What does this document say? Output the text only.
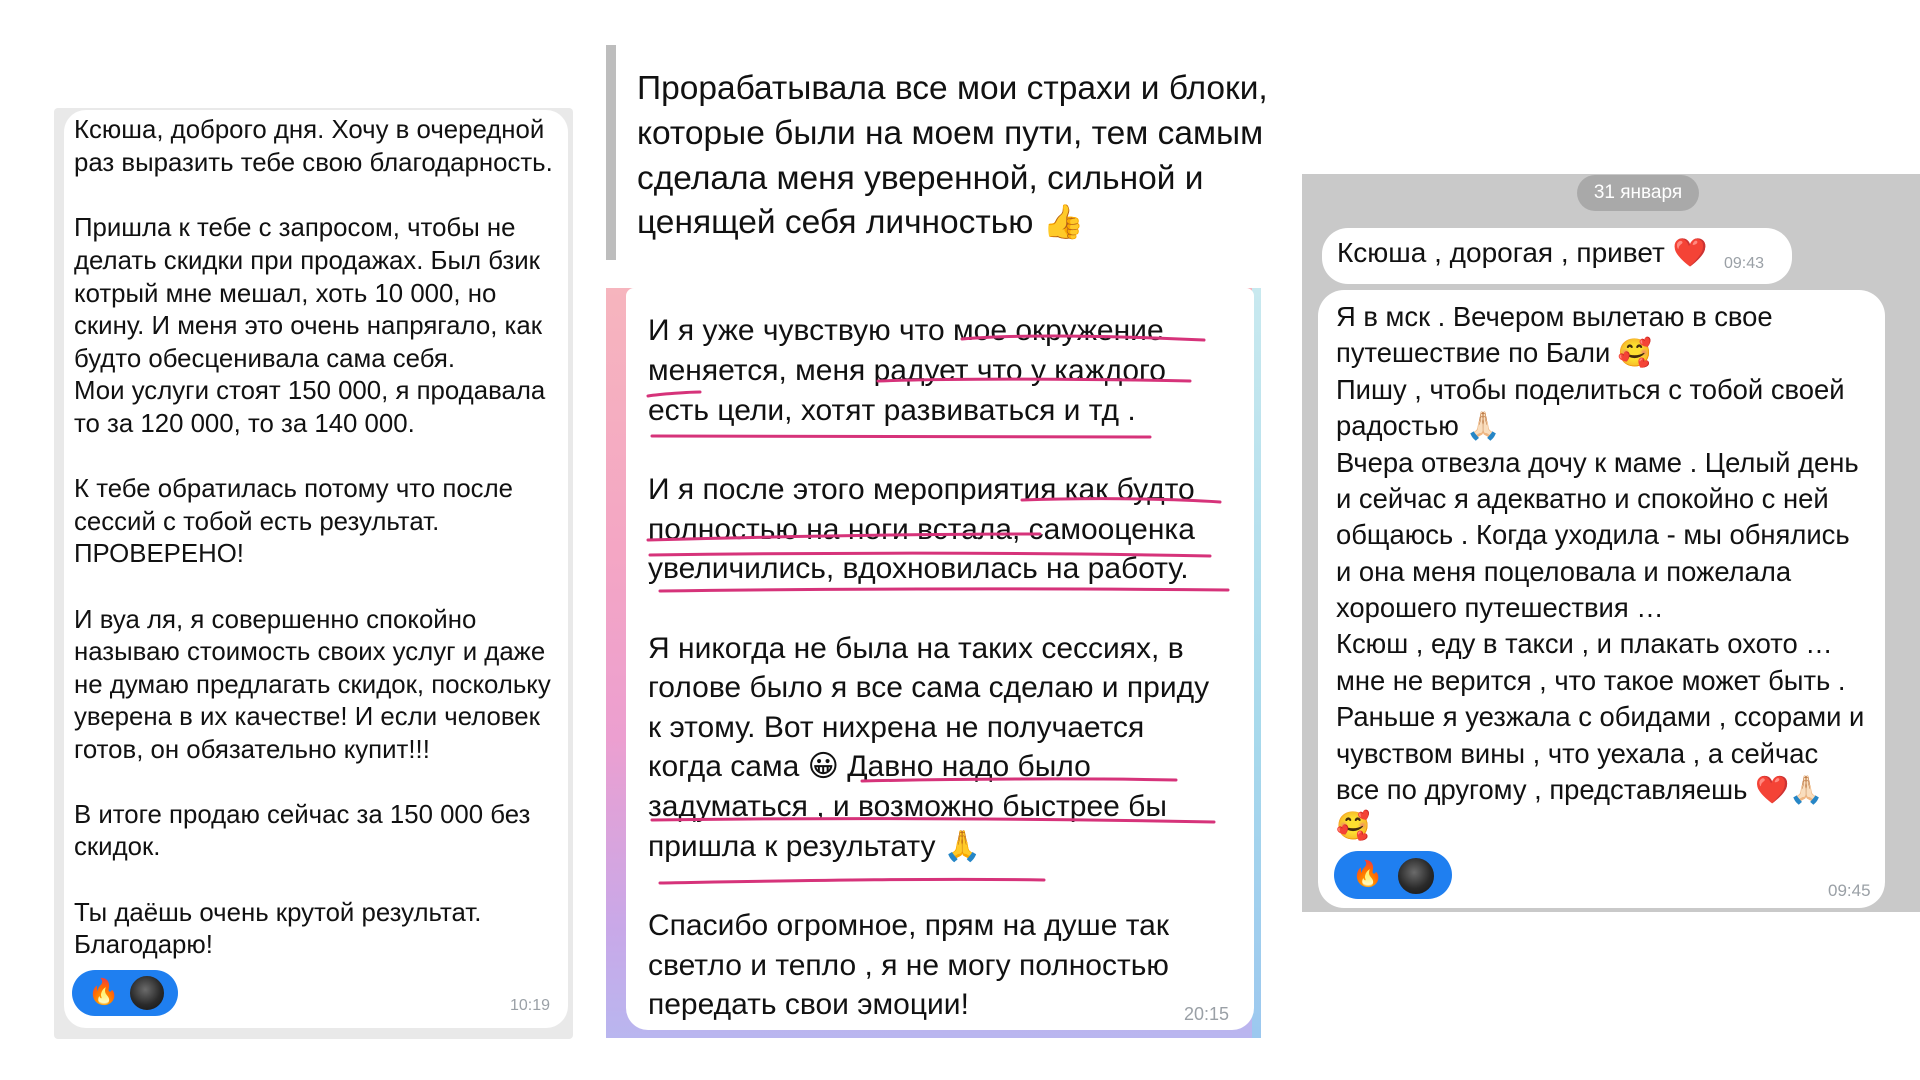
Ксюша, доброго дня. Хочу в очередной
раз выразить тебе свою благодарность.
Пришла к тебе с запросом, чтобы не
делать скидки при продажах. Был бзик
котрый мне мешал, хоть 10 000, но
скину. И меня это очень напрягало, как
будто обесценивала сама себя.
Мои услуги стоят 150 000, я продавала
то за 120 000, то за 140 000.
К тебе обратилась потому что после
сессий с тобой есть результат.
ПРОВЕРЕНО!
И вуа ля, я совершенно спокойно
называю стоимость своих услуг и даже
не думаю предлагать скидок, поскольку
уверена в их качестве! И если человек
готов, он обязательно купит!!!
В итоге продаю сейчас за 150 000 без
скидок.
Ты даёшь очень крутой результат.
Благодарю!
🔥	10:19
Прорабатывала все мои страхи и блоки,
которые были на моем пути, тем самым
сделала меня уверенной, сильной и
ценящей себя личностью 👍
И я уже чувствую что мое окружение
меняется, меня радует что у каждого
есть цели, хотят развиваться и тд .
И я после этого мероприятия как будто
полностью на ноги встала, самооценка
увеличились, вдохновилась на работу.
Я никогда не была на таких сессиях, в
голове было я все сама сделаю и приду
к этому. Вот нихрена не получается
когда сама 😀 Давно надо было
задуматься , и возможно быстрее бы
пришла к результату 🙏
Спасибо огромное, прям на душе так
светло и тепло , я не могу полностью
передать свои эмоции!	20:15
31 января
Ксюша , дорогая , привет ❤️ 09:43
Я в мск . Вечером вылетаю в свое
путешествие по Бали 🥰
Пишу , чтобы поделиться с тобой своей
радостью 🙏🏻
Вчера отвезла дочу к маме . Целый день
и сейчас я адекватно и спокойно с ней
общаюсь . Когда уходила - мы обнялись
и она меня поцеловала и пожелала
хорошего путешествия …
Ксюш , еду в такси , и плакать охото …
мне не верится , что такое может быть .
Раньше я уезжала с обидами , ссорами и
чувством вины , что уехала , а сейчас
все по другому , представляешь ❤️🙏🏻
🥰
🔥
09:45
